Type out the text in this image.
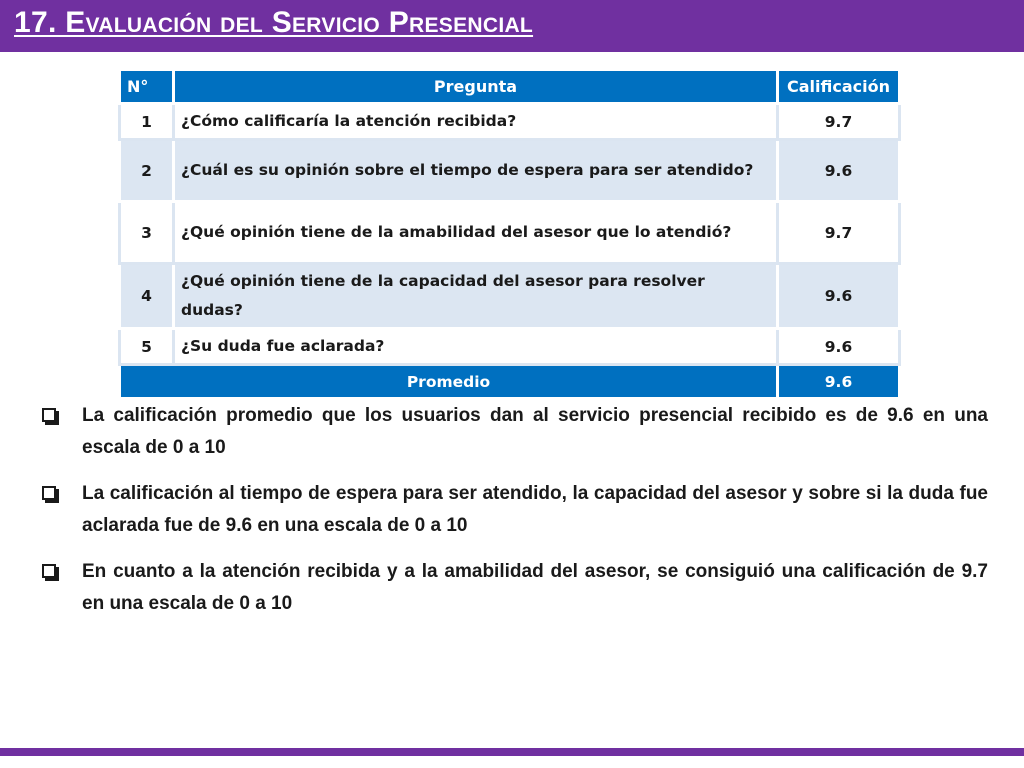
17. Evaluación del Servicio Presencial
N°	Pregunta	Calificación
1	¿Cómo calificaría la atención recibida?	9.7
2	¿Cuál es su opinión sobre el tiempo de espera para ser atendido?	9.6
3	¿Qué opinión tiene de la amabilidad del asesor que lo atendió?	9.7
4	¿Qué opinión tiene de la capacidad del asesor para resolver dudas?	9.6
5	¿Su duda fue aclarada?	9.6
Promedio		9.6
La calificación promedio que los usuarios dan al servicio presencial recibido es de 9.6 en una escala de 0 a 10
La calificación al tiempo de espera para ser atendido, la capacidad del asesor y sobre si la duda fue aclarada fue de 9.6 en una escala de 0 a 10
En cuanto a la atención recibida y a la amabilidad del asesor, se consiguió una calificación de 9.7 en una escala de 0 a 10
